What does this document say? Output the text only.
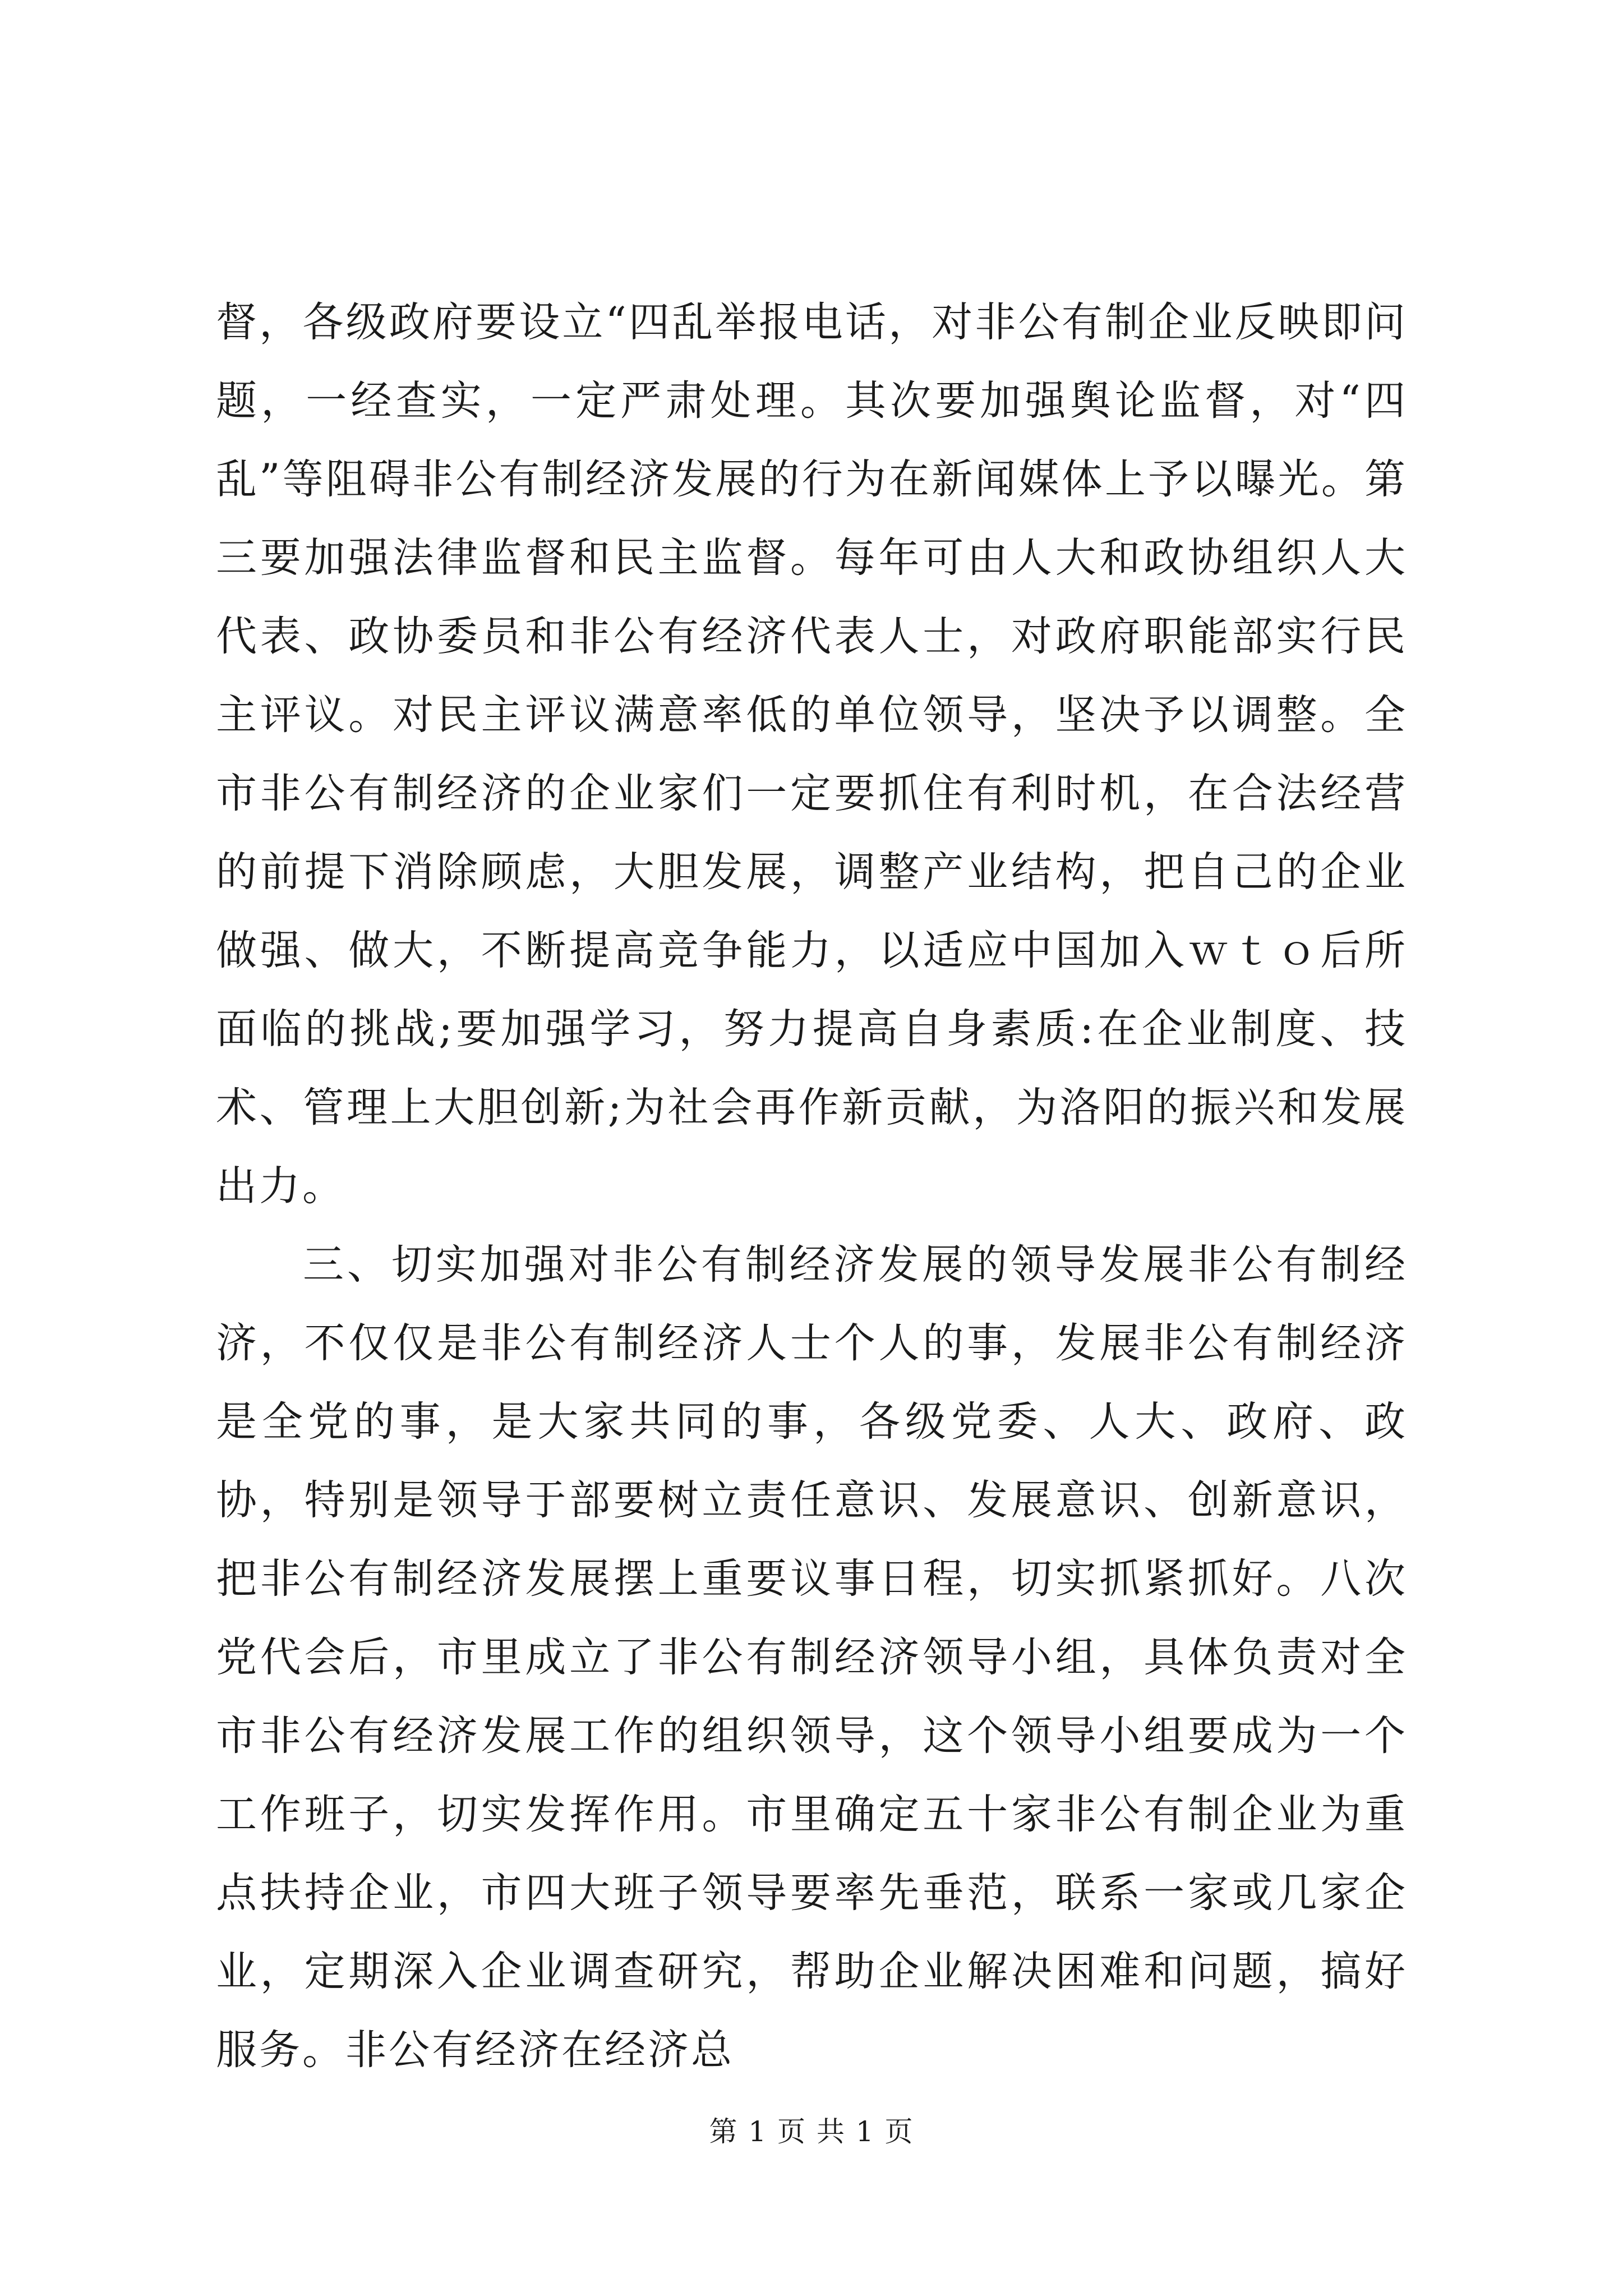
督，各级政府要设立“四乱举报电话，对非公有制企业反映即问题，一经查实，一定严肃处理。其次要加强舆论监督，对“四乱”等阻碍非公有制经济发展的行为在新闻媒体上予以曝光。第三要加强法律监督和民主监督。每年可由人大和政协组织人大代表、政协委员和非公有经济代表人士，对政府职能部实行民主评议。对民主评议满意率低的单位领导，坚决予以调整。全市非公有制经济的企业家们一定要抓住有利时机，在合法经营的前提下消除顾虑，大胆发展，调整产业结构，把自己的企业做强、做大，不断提高竞争能力，以适应中国加入ｗｔｏ后所面临的挑战;要加强学习，努力提高自身素质:在企业制度、技术、管理上大胆创新;为社会再作新贡献，为洛阳的振兴和发展出力。

三、切实加强对非公有制经济发展的领导发展非公有制经济，不仅仅是非公有制经济人士个人的事，发展非公有制经济是全党的事，是大家共同的事，各级党委、人大、政府、政协，特别是领导于部要树立责任意识、发展意识、创新意识，把非公有制经济发展摆上重要议事日程，切实抓紧抓好。八次党代会后，市里成立了非公有制经济领导小组，具体负责对全市非公有经济发展工作的组织领导，这个领导小组要成为一个工作班子，切实发挥作用。市里确定五十家非公有制企业为重点扶持企业，市四大班子领导要率先垂范，联系一家或几家企业，定期深入企业调查研究，帮助企业解决困难和问题，搞好服务。非公有经济在经济总

第 1 页 共 1 页
